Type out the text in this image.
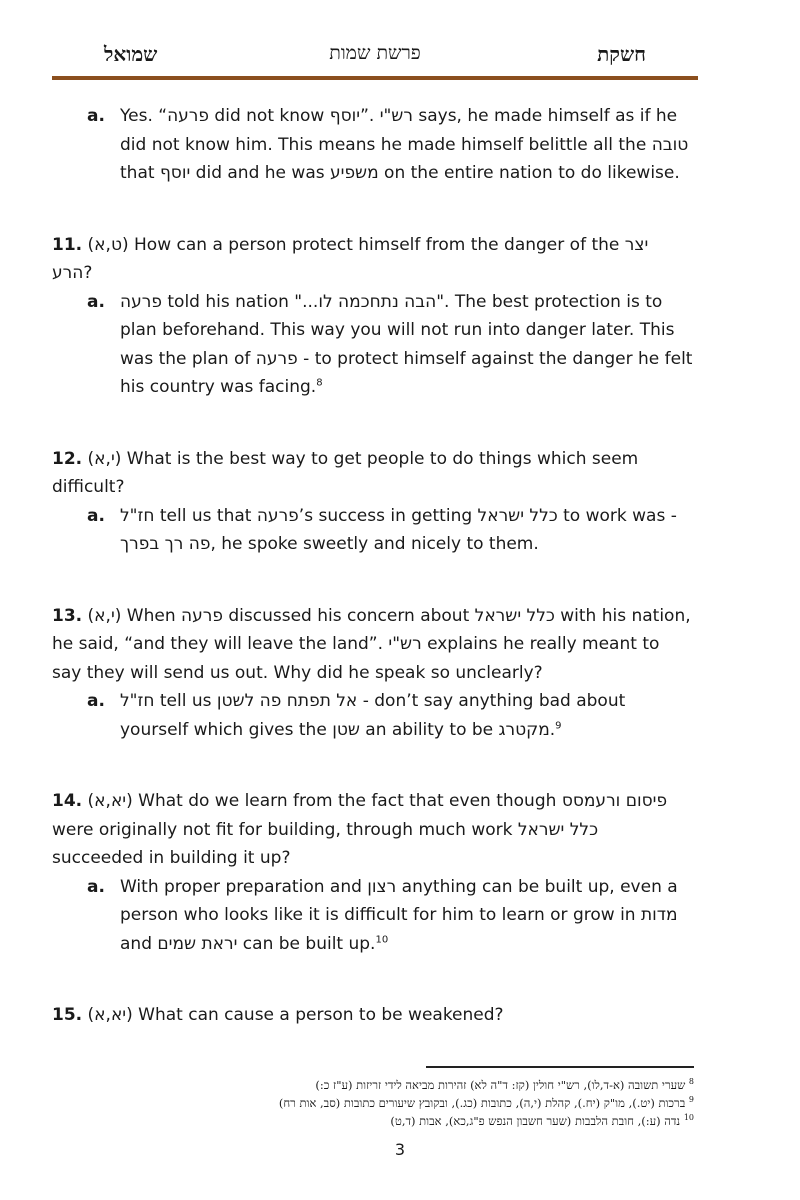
שמואל	פרשת שמות	חשקת

a. Yes. “פרעה did not know יוסף”. רש"י says, he made himself as if he did not know him. This means he made himself belittle all the טובה that יוסף did and he was משפיע on the entire nation to do likewise.

11. (ט,א) How can a person protect himself from the danger of the יצר הרע?

a. פרעה told his nation "הבה נתחכמה לו...". The best protection is to plan beforehand. This way you will not run into danger later. This was the plan of פרעה - to protect himself against the danger he felt his country was facing.$^8$

12. (י,א) What is the best way to get people to do things which seem difficult?

a. חז"ל tell us that פרעה’s success in getting כלל ישראל to work was - בפרך פה רך, he spoke sweetly and nicely to them.

13. (י,א) When פרעה discussed his concern about כלל ישראל with his nation, he said, “and they will leave the land”. רש"י explains he really meant to say they will send us out. Why did he speak so unclearly?

a. חז"ל tell us אל תפתח פה לשטן - don’t say anything bad about yourself which gives the שטן an ability to be מקטרג.$^9$

14. (יא,א) What do we learn from the fact that even though פיסום ורעמסס were originally not fit for building, through much work כלל ישראל succeeded in building it up?

a. With proper preparation and רצון anything can be built up, even a person who looks like it is difficult for him to learn or grow in מדות and יראת שמים can be built up.$^{10}$

15. (יא,א) What can cause a person to be weakened?

$^8$ שערי תשובה (א-ד,לו), רש"י חולין (קז: ד"ה לא) זהירות מביאה לידי זריזות (ע"ז כ:)
$^9$ ברכות (יט.), מו"ק (יח.), קהלת (י,ה), כתובות (כג.), ובקובץ שיעורים כתובות (סב, אות רח)
$^{10}$ נדה (ע:), חובת הלבבות (שער חשבון הנפש פ"ג,כא), אבות (ד,ט)
3
